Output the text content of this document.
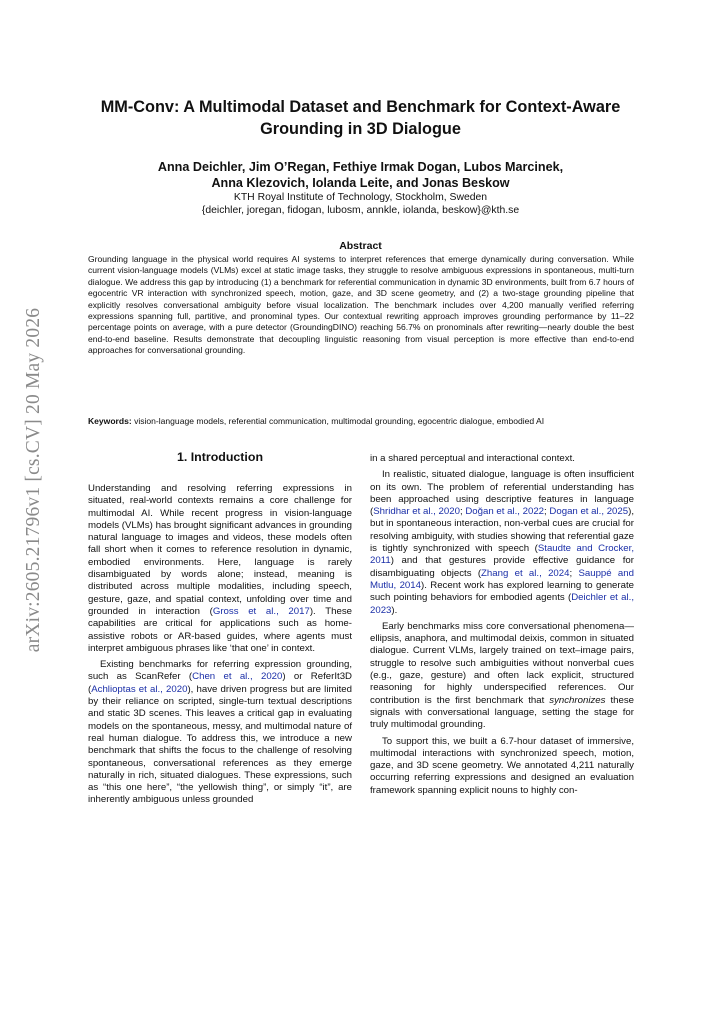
arXiv:2605.21796v1 [cs.CV] 20 May 2026
MM-Conv: A Multimodal Dataset and Benchmark for Context-Aware Grounding in 3D Dialogue
Anna Deichler, Jim O’Regan, Fethiye Irmak Dogan, Lubos Marcinek,
Anna Klezovich, Iolanda Leite, and Jonas Beskow
KTH Royal Institute of Technology, Stockholm, Sweden
{deichler, joregan, fidogan, lubosm, annkle, iolanda, beskow}@kth.se
Abstract

Grounding language in the physical world requires AI systems to interpret references that emerge dynamically during conversation. While current vision-language models (VLMs) excel at static image tasks, they struggle to resolve ambiguous expressions in spontaneous, multi-turn dialogue. We address this gap by introducing (1) a benchmark for referential communication in dynamic 3D environments, built from 6.7 hours of egocentric VR interaction with synchronized speech, motion, gaze, and 3D scene geometry, and (2) a two-stage grounding pipeline that explicitly resolves conversational ambiguity before visual localization. The benchmark includes over 4,200 manually verified referring expressions spanning full, partitive, and pronominal types. Our contextual rewriting approach improves grounding performance by 11–22 percentage points on average, with a pure detector (GroundingDINO) reaching 56.7% on pronominals after rewriting—nearly double the best end-to-end baseline. Results demonstrate that decoupling linguistic reasoning from visual perception is more effective than end-to-end approaches for conversational grounding.

Keywords: vision-language models, referential communication, multimodal grounding, egocentric dialogue, embodied AI

1. Introduction

Understanding and resolving referring expressions in situated, real-world contexts remains a core challenge for multimodal AI. While recent progress in vision-language models (VLMs) has brought significant advances in grounding natural language to images and videos, these models often fall short when it comes to reference resolution in dynamic, embodied environments. Here, language is rarely disambiguated by words alone; instead, meaning is distributed across multiple modalities, including speech, gesture, gaze, and spatial context, unfolding over time and grounded in interaction (Gross et al., 2017). These capabilities are critical for applications such as home-assistive robots or AR-based guides, where agents must interpret ambiguous phrases like ‘that one’ in context.

Existing benchmarks for referring expression grounding, such as ScanRefer (Chen et al., 2020) or ReferIt3D (Achlioptas et al., 2020), have driven progress but are limited by their reliance on scripted, single-turn textual descriptions and static 3D scenes. This leaves a critical gap in evaluating models on the spontaneous, messy, and multimodal nature of real human dialogue. To address this, we introduce a new benchmark that shifts the focus to the challenge of resolving spontaneous, conversational references as they emerge naturally in rich, situated dialogues. These expressions, such as “this one here”, “the yellowish thing”, or simply “it”, are inherently ambiguous unless grounded

in a shared perceptual and interactional context.

In realistic, situated dialogue, language is often insufficient on its own. The problem of referential understanding has been approached using descriptive features in language (Shridhar et al., 2020; Doğan et al., 2022; Dogan et al., 2025), but in spontaneous interaction, non-verbal cues are crucial for resolving ambiguity, with studies showing that referential gaze is tightly synchronized with speech (Staudte and Crocker, 2011) and that gestures provide effective guidance for disambiguating objects (Zhang et al., 2024; Sauppé and Mutlu, 2014). Recent work has explored learning to generate such pointing behaviors for embodied agents (Deichler et al., 2023).

Early benchmarks miss core conversational phenomena—ellipsis, anaphora, and multimodal deixis, common in situated dialogue. Current VLMs, largely trained on text–image pairs, struggle to resolve such ambiguities without nonverbal cues (e.g., gaze, gesture) and often lack explicit, structured reasoning for highly underspecified references. Our contribution is the first benchmark that synchronizes these signals with conversational language, setting the stage for truly multimodal grounding.

To support this, we built a 6.7-hour dataset of immersive, multimodal interactions with synchronized speech, motion, gaze, and 3D scene geometry. We annotated 4,211 naturally occurring referring expressions and designed an evaluation framework spanning explicit nouns to highly con-
